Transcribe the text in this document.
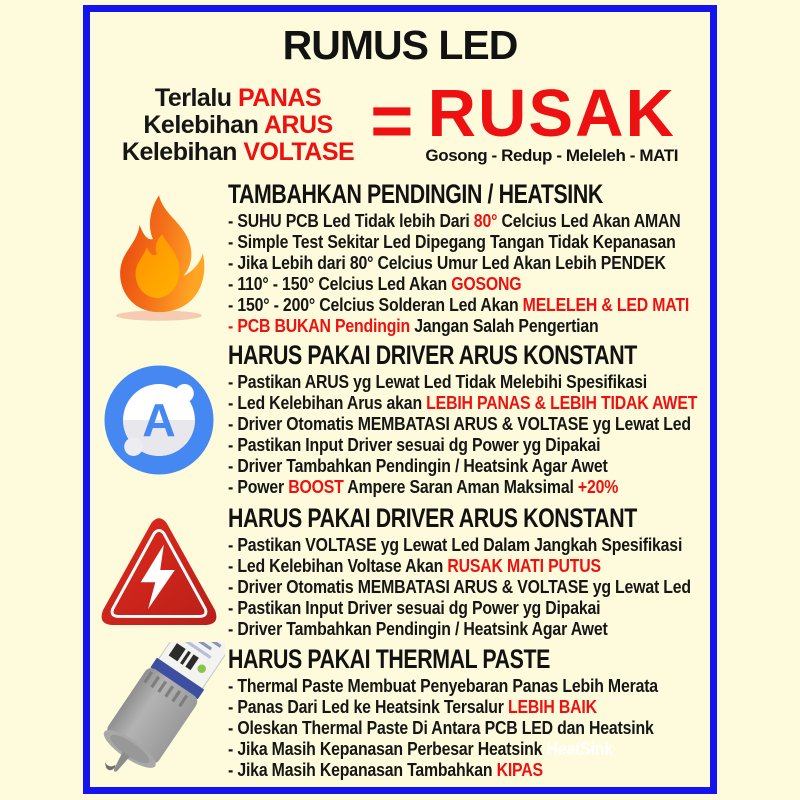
RUMUS LED
Terlalu PANAS
Kelebihan ARUS
Kelebihan VOLTASE = RUSAK
Gosong - Redup - Meleleh - MATI
TAMBAHKAN PENDINGIN / HEATSINK
- SUHU PCB Led Tidak lebih Dari 80° Celcius Led Akan AMAN
- Simple Test Sekitar Led Dipegang Tangan Tidak Kepanasan
- Jika Lebih dari 80° Celcius Umur Led Akan Lebih PENDEK
- 110° - 150° Celcius Led Akan GOSONG
- 150° - 200° Celcius Solderan Led Akan MELELEH & LED MATI
- PCB BUKAN Pendingin Jangan Salah Pengertian
A
HARUS PAKAI DRIVER ARUS KONSTANT
- Pastikan ARUS yg Lewat Led Tidak Melebihi Spesifikasi
- Led Kelebihan Arus akan LEBIH PANAS & LEBIH TIDAK AWET
- Driver Otomatis MEMBATASI ARUS & VOLTASE yg Lewat Led
- Pastikan Input Driver sesuai dg Power yg Dipakai
- Driver Tambahkan Pendingin / Heatsink Agar Awet
- Power BOOST Ampere Saran Aman Maksimal +20%
HARUS PAKAI DRIVER ARUS KONSTANT
- Pastikan VOLTASE yg Lewat Led Dalam Jangkah Spesifikasi
- Led Kelebihan Voltase Akan RUSAK MATI PUTUS
- Driver Otomatis MEMBATASI ARUS & VOLTASE yg Lewat Led
- Pastikan Input Driver sesuai dg Power yg Dipakai
- Driver Tambahkan Pendingin / Heatsink Agar Awet
HARUS PAKAI THERMAL PASTE
- Thermal Paste Membuat Penyebaran Panas Lebih Merata
- Panas Dari Led ke Heatsink Tersalur LEBIH BAIK
- Oleskan Thermal Paste Di Antara PCB LED dan Heatsink
- Jika Masih Kepanasan Perbesar Heatsink HeatSink
- Jika Masih Kepanasan Tambahkan KIPAS
